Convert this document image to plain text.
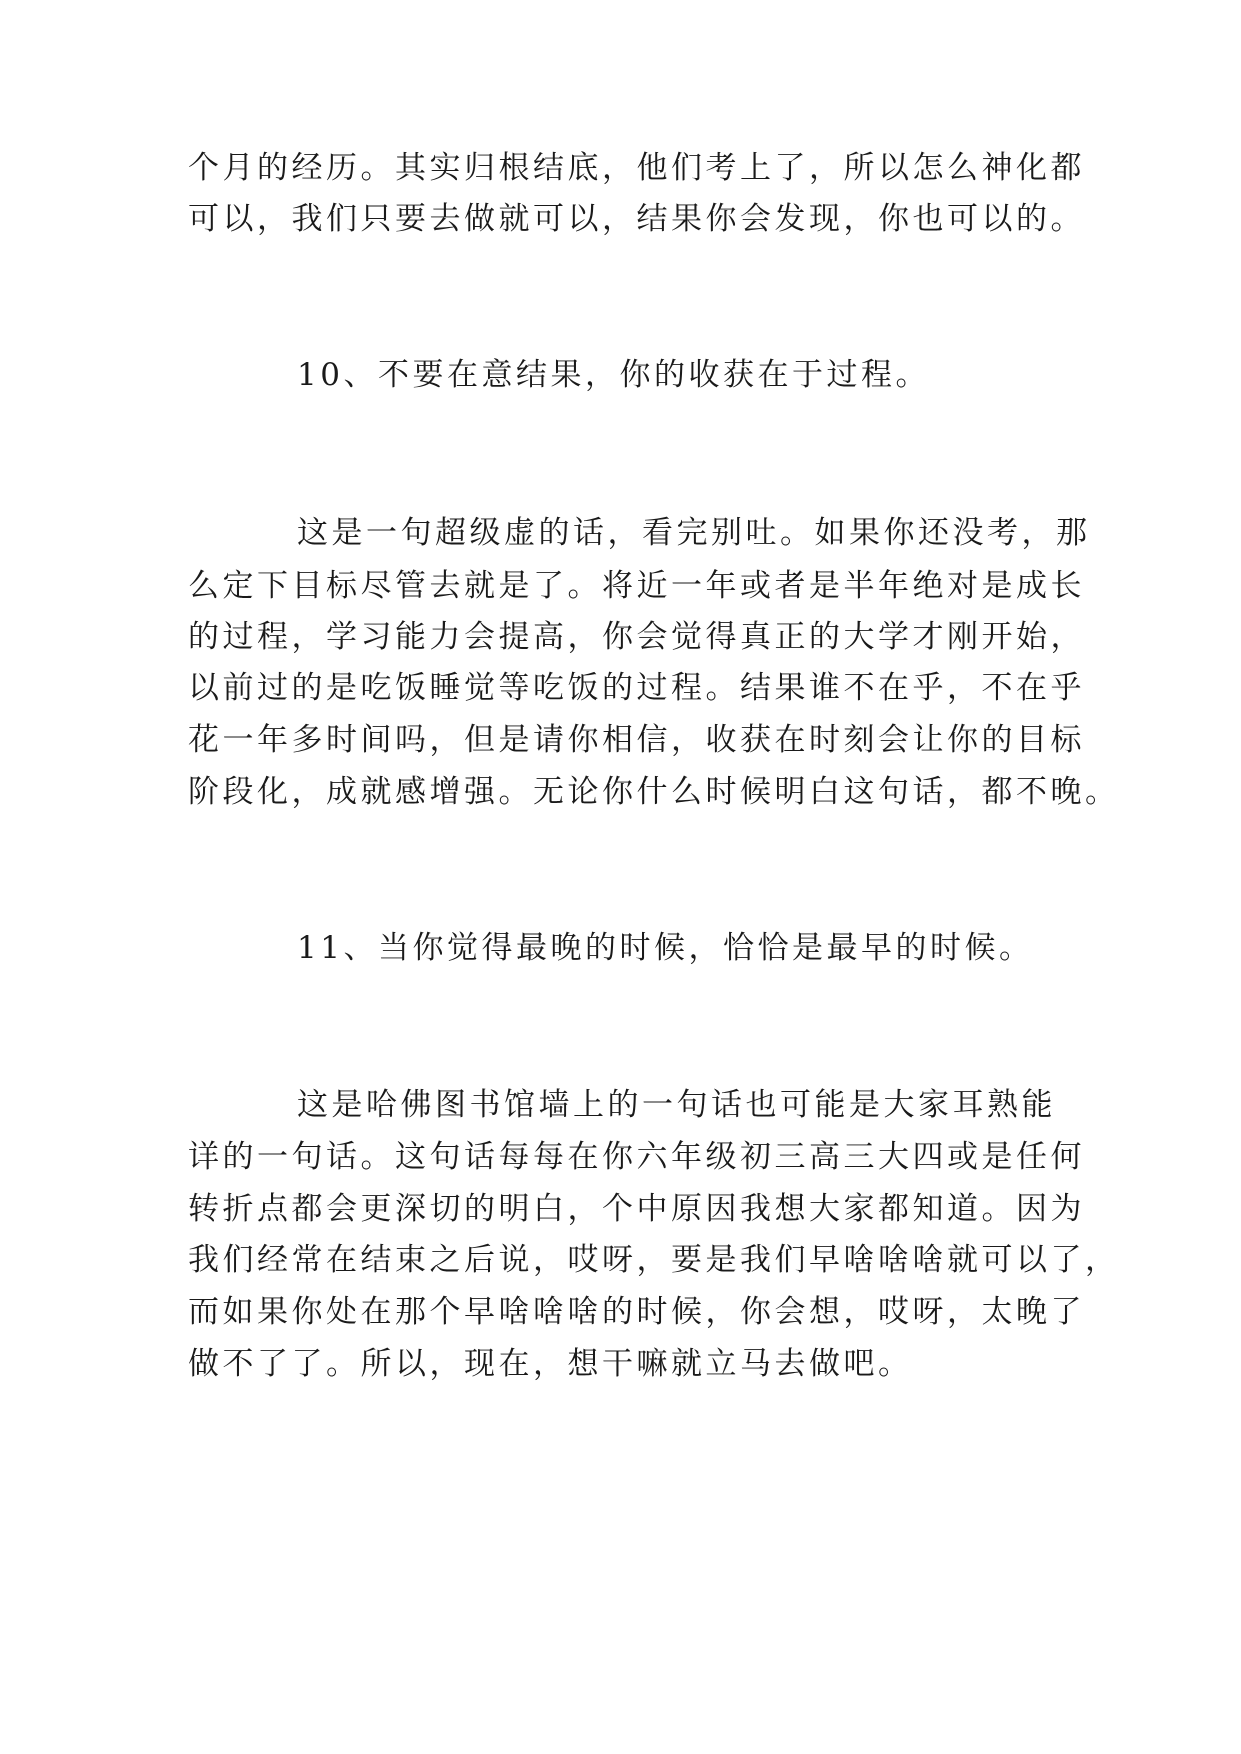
个月的经历。其实归根结底，他们考上了，所以怎么神化都
可以，我们只要去做就可以，结果你会发现，你也可以的。
10、不要在意结果，你的收获在于过程。
这是一句超级虚的话，看完别吐。如果你还没考，那
么定下目标尽管去就是了。将近一年或者是半年绝对是成长
的过程，学习能力会提高，你会觉得真正的大学才刚开始，
以前过的是吃饭睡觉等吃饭的过程。结果谁不在乎，不在乎
花一年多时间吗，但是请你相信，收获在时刻会让你的目标
阶段化，成就感增强。无论你什么时候明白这句话，都不晚。
11、当你觉得最晚的时候，恰恰是最早的时候。
这是哈佛图书馆墙上的一句话也可能是大家耳熟能
详的一句话。这句话每每在你六年级初三高三大四或是任何
转折点都会更深切的明白，个中原因我想大家都知道。因为
我们经常在结束之后说，哎呀，要是我们早啥啥啥就可以了，
而如果你处在那个早啥啥啥的时候，你会想，哎呀，太晚了
做不了了。所以，现在，想干嘛就立马去做吧。
